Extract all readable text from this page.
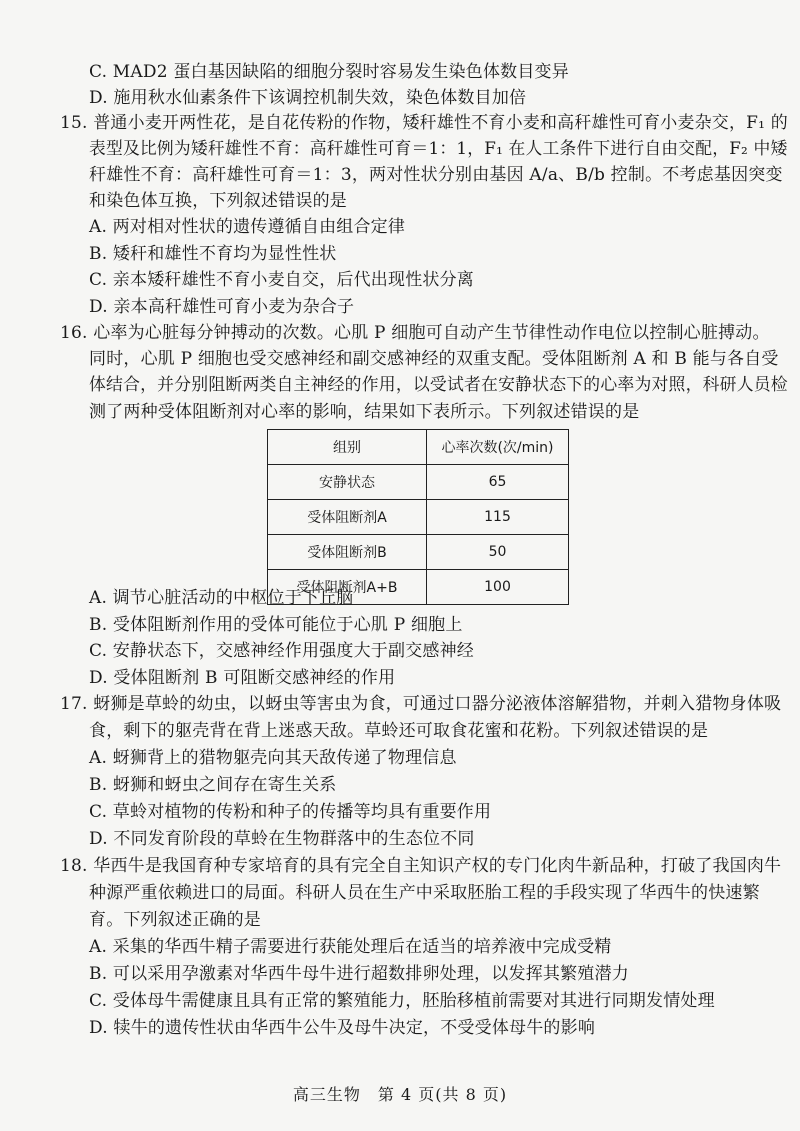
C. MAD2 蛋白基因缺陷的细胞分裂时容易发生染色体数目变异
D. 施用秋水仙素条件下该调控机制失效，染色体数目加倍
15. 普通小麦开两性花，是自花传粉的作物，矮秆雄性不育小麦和高秆雄性可育小麦杂交，F₁ 的
表型及比例为矮秆雄性不育：高秆雄性可育＝1：1，F₁ 在人工条件下进行自由交配，F₂ 中矮
秆雄性不育：高秆雄性可育＝1：3，两对性状分别由基因 A/a、B/b 控制。不考虑基因突变
和染色体互换，下列叙述错误的是
A. 两对相对性状的遗传遵循自由组合定律
B. 矮秆和雄性不育均为显性性状
C. 亲本矮秆雄性不育小麦自交，后代出现性状分离
D. 亲本高秆雄性可育小麦为杂合子
16. 心率为心脏每分钟搏动的次数。心肌 P 细胞可自动产生节律性动作电位以控制心脏搏动。
同时，心肌 P 细胞也受交感神经和副交感神经的双重支配。受体阻断剂 A 和 B 能与各自受
体结合，并分别阻断两类自主神经的作用，以受试者在安静状态下的心率为对照，科研人员检
测了两种受体阻断剂对心率的影响，结果如下表所示。下列叙述错误的是
组别	心率次数(次/min)
安静状态	65
受体阻断剂A	115
受体阻断剂B	50
受体阻断剂A+B	100
A. 调节心脏活动的中枢位于下丘脑
B. 受体阻断剂作用的受体可能位于心肌 P 细胞上
C. 安静状态下，交感神经作用强度大于副交感神经
D. 受体阻断剂 B 可阻断交感神经的作用
17. 蚜狮是草蛉的幼虫，以蚜虫等害虫为食，可通过口器分泌液体溶解猎物，并刺入猎物身体吸
食，剩下的躯壳背在背上迷惑天敌。草蛉还可取食花蜜和花粉。下列叙述错误的是
A. 蚜狮背上的猎物躯壳向其天敌传递了物理信息
B. 蚜狮和蚜虫之间存在寄生关系
C. 草蛉对植物的传粉和种子的传播等均具有重要作用
D. 不同发育阶段的草蛉在生物群落中的生态位不同
18. 华西牛是我国育种专家培育的具有完全自主知识产权的专门化肉牛新品种，打破了我国肉牛
种源严重依赖进口的局面。科研人员在生产中采取胚胎工程的手段实现了华西牛的快速繁
育。下列叙述正确的是
A. 采集的华西牛精子需要进行获能处理后在适当的培养液中完成受精
B. 可以采用孕激素对华西牛母牛进行超数排卵处理，以发挥其繁殖潜力
C. 受体母牛需健康且具有正常的繁殖能力，胚胎移植前需要对其进行同期发情处理
D. 犊牛的遗传性状由华西牛公牛及母牛决定，不受受体母牛的影响
高三生物　第 4 页(共 8 页)
